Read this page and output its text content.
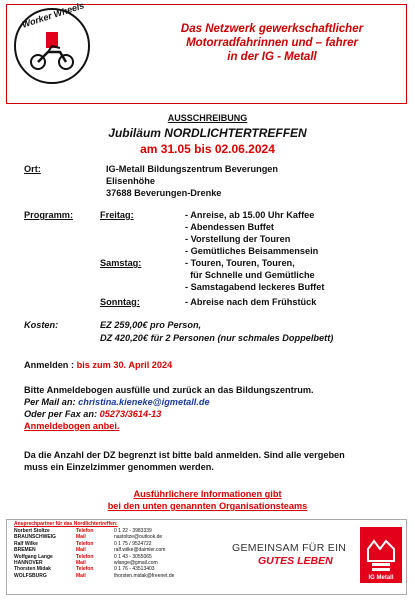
Worker Wheels	Das Netzwerk gewerkschaftlicher
Motorradfahrinnen und – fahrer
in der IG - Metall
AUSSCHREIBUNG
Jubiläum NORDLICHTERTREFFEN
am 31.05 bis 02.06.2024
Ort:	IG-Metall Bildungszentrum Beverungen
Elisenhöhe
37688 Beverungen-Drenke
Programm:	Freitag:	- Anreise, ab 15.00 Uhr Kaffee
- Abendessen Buffet
- Vorstellung der Touren
- Gemütliches Beisammensein
Samstag:	- Touren, Touren, Touren,
für Schnelle und Gemütliche
- Samstagabend leckeres Buffet
Sonntag:	- Abreise nach dem Frühstück
Kosten:	EZ 259,00€ pro Person,
DZ 420,20€ für 2 Personen (nur schmales Doppelbett)
Anmelden : bis zum 30. April 2024
Bitte Anmeldebogen ausfülle und zurück an das Bildungszentrum.
Per Mail an: christina.kieneke@igmetall.de
Oder per Fax an: 05273/3614-13
Anmeldebogen anbei.
Da die Anzahl der DZ begrenzt ist bitte bald anmelden. Sind alle vergeben
muss ein Einzelzimmer genommen werden.
Ausführlichere Informationen gibt
bei den unten genannten Organisationsteams
Ansprechpartner für das Nordlichtertreffen:
Norbert Stoltze	Telefon	0 1 22 - 3983339
BRAUNSCHWEIG	Mail	nastoltze@outlook.de
Ralf Wilke	Telefon	0 1 75 / 9524722
BREMEN	Mail	ralf.wilke@daimler.com
Wolfgang Lange	Telefon	0 1 43 - 3055065
HANNOVER	Mail	wlange@gmail.com
Thorsten Midak	Telefon	0 1 76 - 43513403
WOLFSBURG	Mail	thorsten.midak@freenet.de
GEMEINSAM FÜR EIN
GUTES LEBEN
IG Metall
